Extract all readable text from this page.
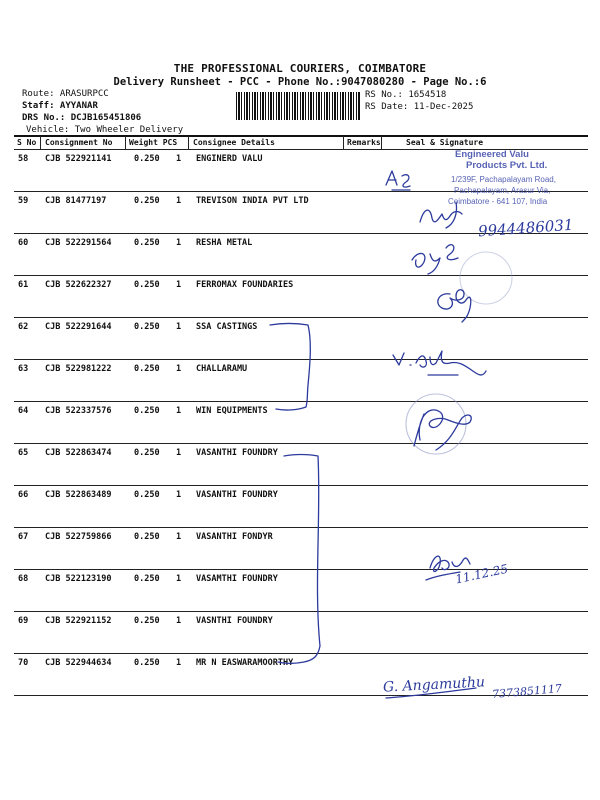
THE PROFESSIONAL COURIERS, COIMBATORE
Delivery Runsheet - PCC - Phone No.:9047080280 - Page No.:6
Route: ARASURPCC
Staff: AYYANAR
DRS No.: DCJB165451806
Vehicle: Two Wheeler Delivery
RS No.: 1654518
RS Date: 11-Dec-2025
S No Consignment No Weight PCS Consignee Details	Remarks	Seal & Signature
58 CJB 522921141	0.250 1 ENGINERD VALU
59 CJB 81477197	0.250 1 TREVISON INDIA PVT LTD
60 CJB 522291564	0.250 1 RESHA METAL
61 CJB 522622327	0.250 1 FERROMAX FOUNDARIES
62 CJB 522291644	0.250 1 SSA CASTINGS
63 CJB 522981222	0.250 1 CHALLARAMU
64 CJB 522337576	0.250 1 WIN EQUIPMENTS
65 CJB 522863474	0.250 1 VASANTHI FOUNDRY
66 CJB 522863489	0.250 1 VASANTHI FOUNDRY
67 CJB 522759866	0.250 1 VASANTHI FONDYR
68 CJB 522123190	0.250 1 VASAMTHI FOUNDRY
69 CJB 522921152	0.250 1 VASNTHI FOUNDRY
70 CJB 522944634	0.250 1 MR N EASWARAMOORTHY
Engineered Valu
Products Pvt. Ltd.
1/239F, Pachapalayam Road,
Pachapalayam, Arasur Via,
Coimbatore - 641 107, India
9944486031
11.12.25
G. Angamuthu 7373851117
